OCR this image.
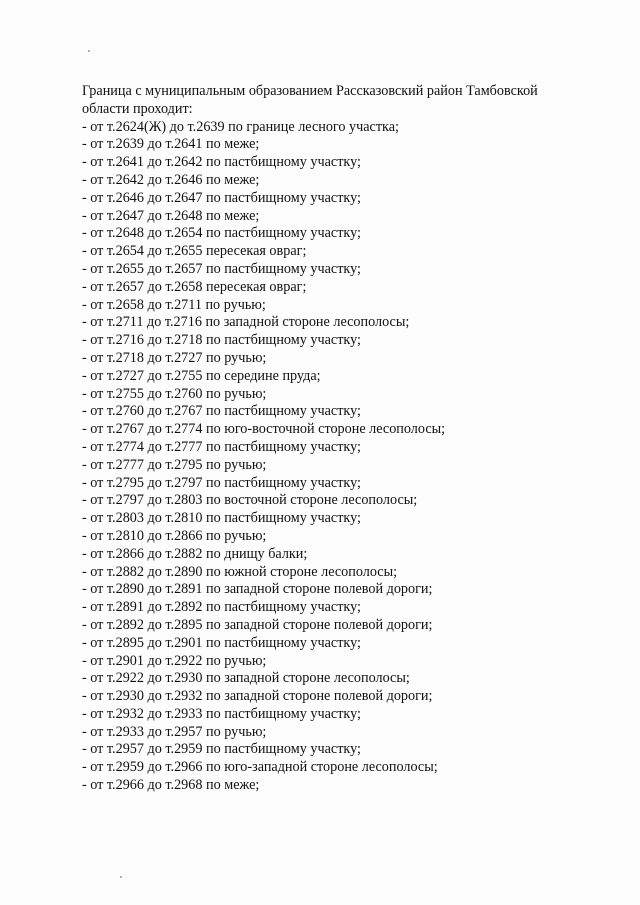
Граница с муниципальным образованием Рассказовский район Тамбовской
области проходит:
- от т.2624(Ж) до т.2639 по границе лесного участка;
- от т.2639 до т.2641 по меже;
- от т.2641 до т.2642 по пастбищному участку;
- от т.2642 до т.2646 по меже;
- от т.2646 до т.2647 по пастбищному участку;
- от т.2647 до т.2648 по меже;
- от т.2648 до т.2654 по пастбищному участку;
- от т.2654 до т.2655 пересекая овраг;
- от т.2655 до т.2657 по пастбищному участку;
- от т.2657 до т.2658 пересекая овраг;
- от т.2658 до т.2711 по ручью;
- от т.2711 до т.2716 по западной стороне лесополосы;
- от т.2716 до т.2718 по пастбищному участку;
- от т.2718 до т.2727 по ручью;
- от т.2727 до т.2755 по середине пруда;
- от т.2755 до т.2760 по ручью;
- от т.2760 до т.2767 по пастбищному участку;
- от т.2767 до т.2774 по юго-восточной стороне лесополосы;
- от т.2774 до т.2777 по пастбищному участку;
- от т.2777 до т.2795 по ручью;
- от т.2795 до т.2797 по пастбищному участку;
- от т.2797 до т.2803 по восточной стороне лесополосы;
- от т.2803 до т.2810 по пастбищному участку;
- от т.2810 до т.2866 по ручью;
- от т.2866 до т.2882 по днищу балки;
- от т.2882 до т.2890 по южной стороне лесополосы;
- от т.2890 до т.2891 по западной стороне полевой дороги;
- от т.2891 до т.2892 по пастбищному участку;
- от т.2892 до т.2895 по западной стороне полевой дороги;
- от т.2895 до т.2901 по пастбищному участку;
- от т.2901 до т.2922 по ручью;
- от т.2922 до т.2930 по западной стороне лесополосы;
- от т.2930 до т.2932 по западной стороне полевой дороги;
- от т.2932 до т.2933 по пастбищному участку;
- от т.2933 до т.2957 по ручью;
- от т.2957 до т.2959 по пастбищному участку;
- от т.2959 до т.2966 по юго-западной стороне лесополосы;
- от т.2966 до т.2968 по меже;
